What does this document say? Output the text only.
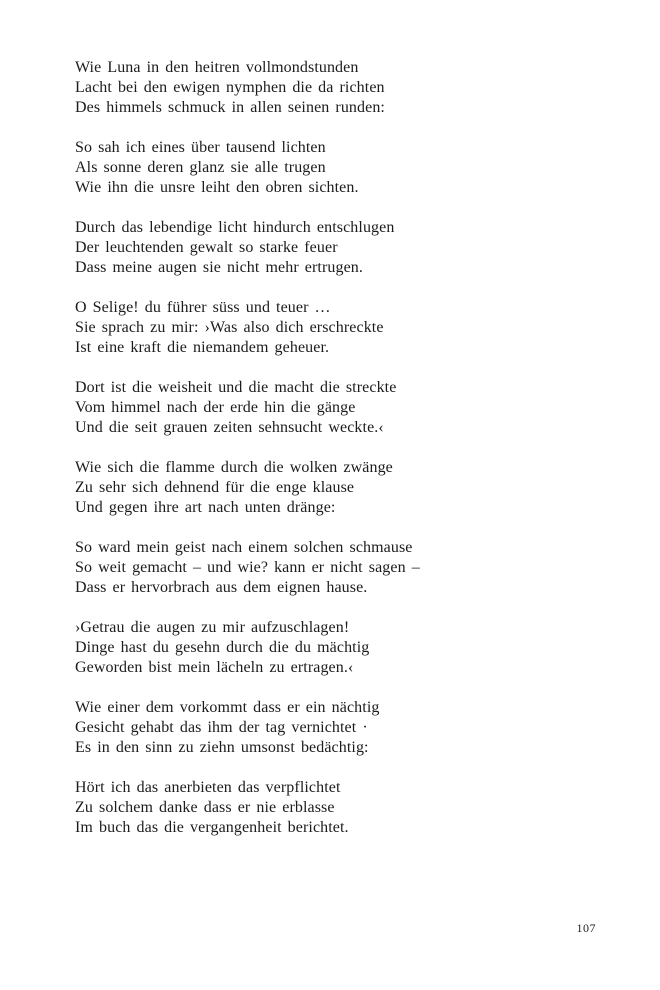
Wie Luna in den heitren vollmondstunden

Lacht bei den ewigen nymphen die da richten

Des himmels schmuck in allen seinen runden:

So sah ich eines über tausend lichten

Als sonne deren glanz sie alle trugen

Wie ihn die unsre leiht den obren sichten.

Durch das lebendige licht hindurch entschlugen

Der leuchtenden gewalt so starke feuer

Dass meine augen sie nicht mehr ertrugen.

O Selige! du führer süss und teuer …

Sie sprach zu mir: ›Was also dich erschreckte

Ist eine kraft die niemandem geheuer.

Dort ist die weisheit und die macht die streckte

Vom himmel nach der erde hin die gänge

Und die seit grauen zeiten sehnsucht weckte.‹

Wie sich die flamme durch die wolken zwänge

Zu sehr sich dehnend für die enge klause

Und gegen ihre art nach unten dränge:

So ward mein geist nach einem solchen schmause

So weit gemacht – und wie? kann er nicht sagen –

Dass er hervorbrach aus dem eignen hause.

›Getrau die augen zu mir aufzuschlagen!

Dinge hast du gesehn durch die du mächtig

Geworden bist mein lächeln zu ertragen.‹

Wie einer dem vorkommt dass er ein nächtig

Gesicht gehabt das ihm der tag vernichtet ·

Es in den sinn zu ziehn umsonst bedächtig:

Hört ich das anerbieten das verpflichtet

Zu solchem danke dass er nie erblasse

Im buch das die vergangenheit berichtet.

107
